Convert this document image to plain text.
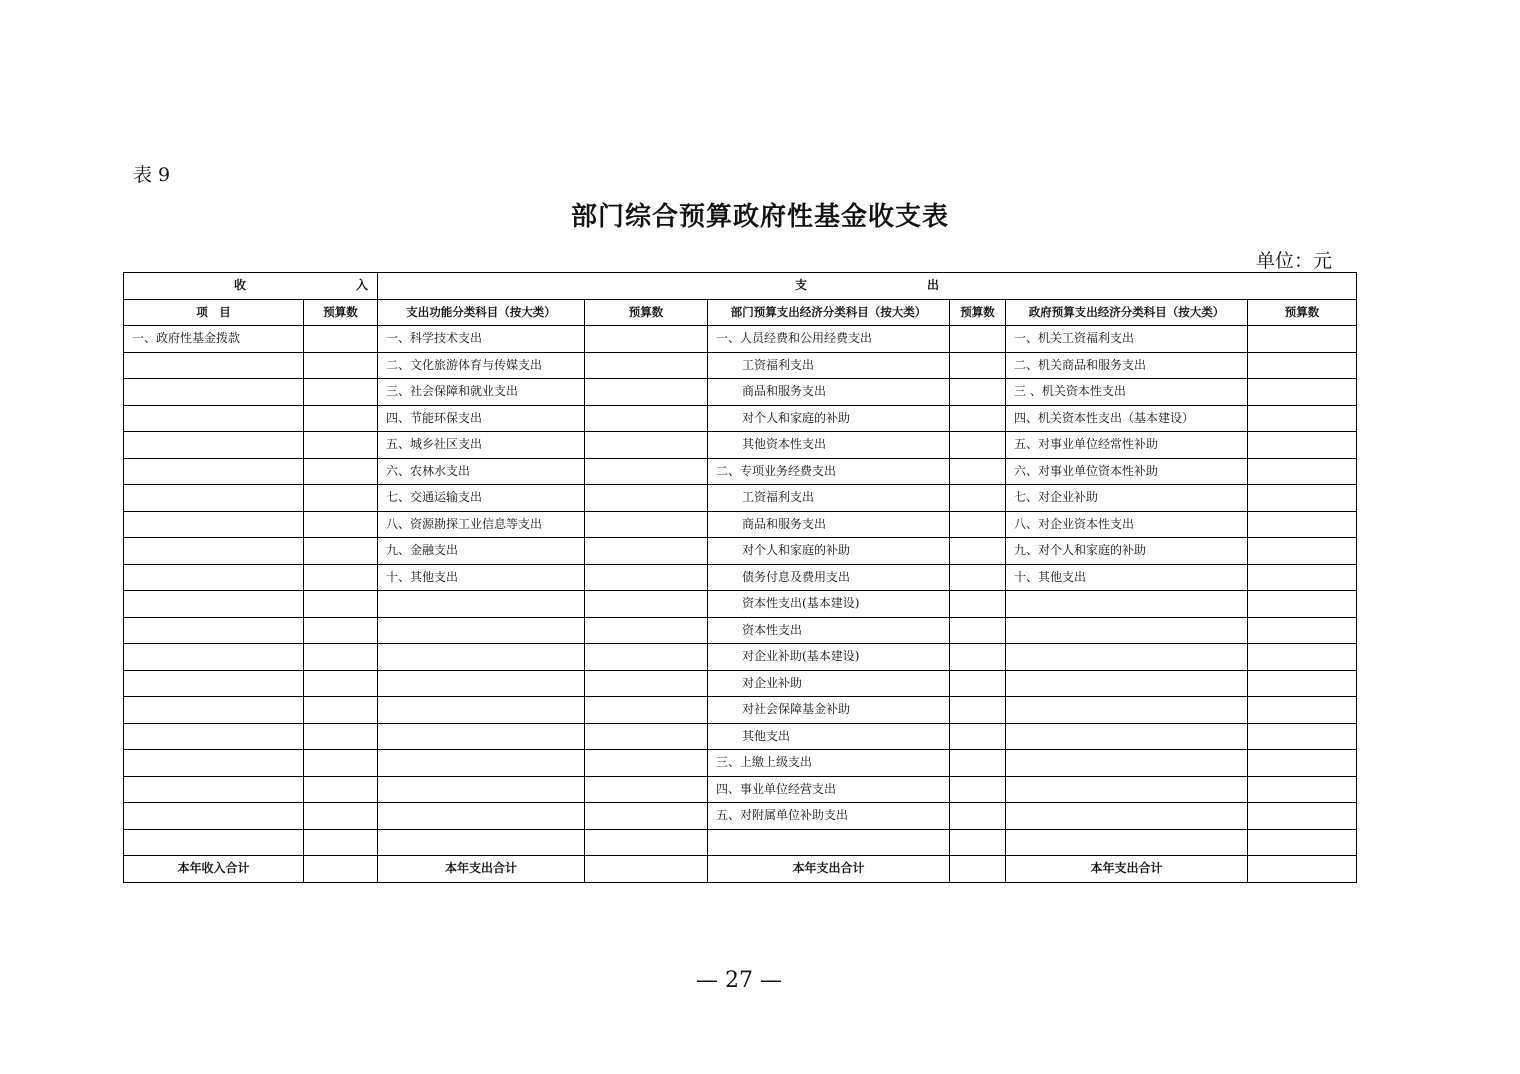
表 9
部门综合预算政府性基金收支表
单位：元
收入		支出					
项　目	预算数	支出功能分类科目（按大类）	预算数	部门预算支出经济分类科目（按大类）	预算数	政府预算支出经济分类科目（按大类）	预算数
一、政府性基金拨款		一、科学技术支出		一、人员经费和公用经费支出		一、机关工资福利支出	
		二、文化旅游体育与传媒支出		工资福利支出		二、机关商品和服务支出	
		三、社会保障和就业支出		商品和服务支出		三 、机关资本性支出	
		四、节能环保支出		对个人和家庭的补助		四、机关资本性支出（基本建设）	
		五、城乡社区支出		其他资本性支出		五、对事业单位经常性补助	
		六、农林水支出		二、专项业务经费支出		六、对事业单位资本性补助	
		七、交通运输支出		工资福利支出		七、对企业补助	
		八、资源勘探工业信息等支出		商品和服务支出		八、对企业资本性支出	
		九、金融支出		对个人和家庭的补助		九、对个人和家庭的补助	
		十、其他支出		债务付息及费用支出		十、其他支出	
				资本性支出(基本建设)			
				资本性支出			
				对企业补助(基本建设)			
				对企业补助			
				对社会保障基金补助			
				其他支出			
				三、上缴上级支出			
				四、事业单位经营支出			
				五、对附属单位补助支出			

本年收入合计		本年支出合计		本年支出合计		本年支出合计	
— 27 —
